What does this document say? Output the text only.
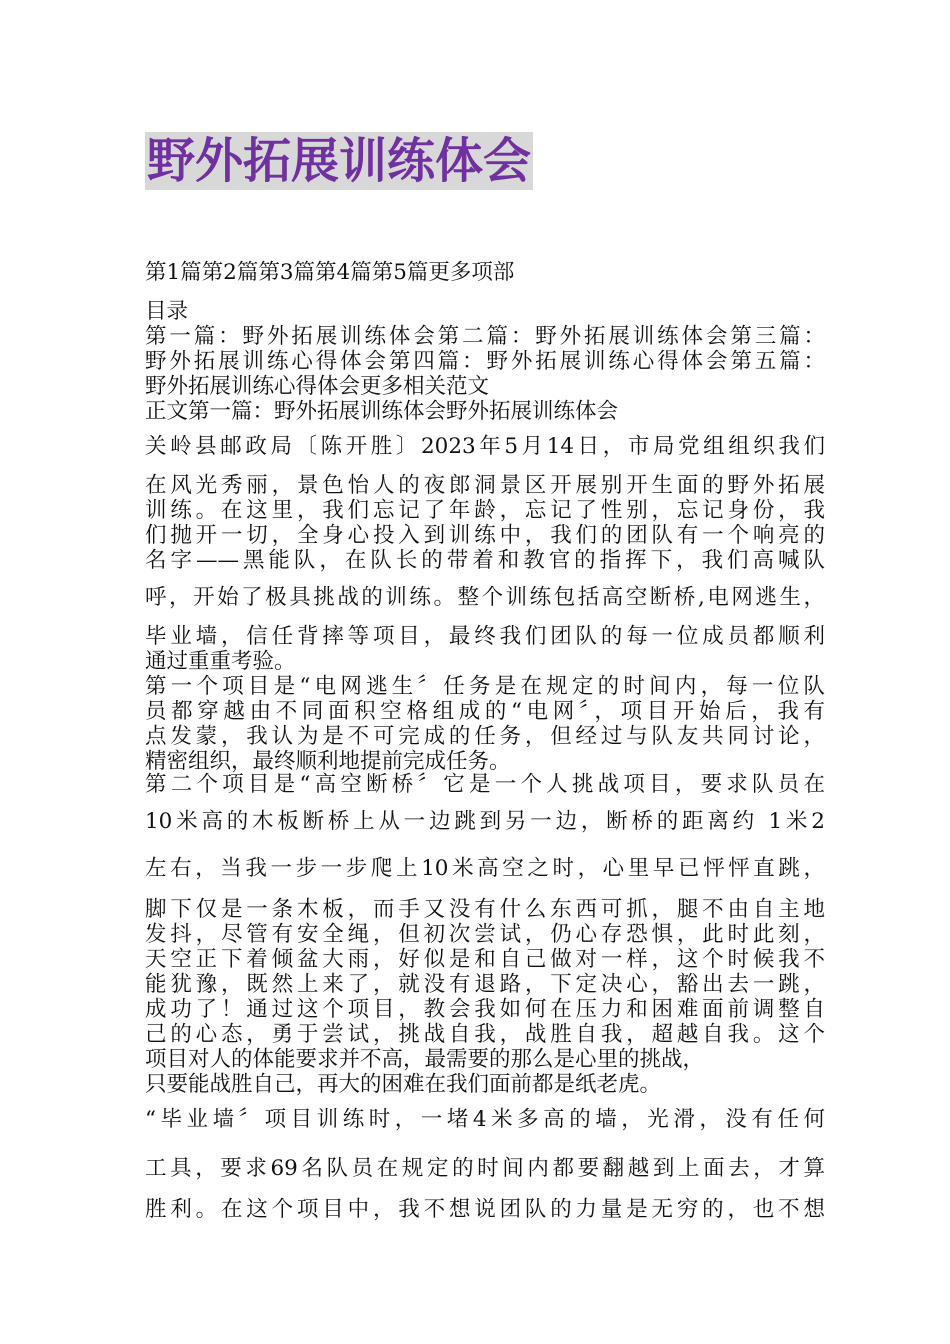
野外拓展训练体会
第1篇第2篇第3篇第4篇第5篇更多项部
目录
第一篇：野外拓展训练体会第二篇：野外拓展训练体会第三篇：
野外拓展训练心得体会第四篇：野外拓展训练心得体会第五篇：
野外拓展训练心得体会更多相关范文
正文第一篇：野外拓展训练体会野外拓展训练体会
关岭县邮政局〔陈开胜〕2023年5月14日，市局党组组织我们
在风光秀丽，景色怡人的夜郎洞景区开展别开生面的野外拓展
训练。在这里，我们忘记了年龄，忘记了性别，忘记身份，我
们抛开一切，全身心投入到训练中，我们的团队有一个响亮的
名字——黑能队，在队长的带着和教官的指挥下，我们高喊队
呼，开始了极具挑战的训练。整个训练包括高空断桥,电网逃生，
毕业墙，信任背摔等项目，最终我们团队的每一位成员都顺利
通过重重考验。
第一个项目是“电网逃生〞任务是在规定的时间内，每一位队
员都穿越由不同面积空格组成的“电网〞，项目开始后，我有
点发蒙，我认为是不可完成的任务，但经过与队友共同讨论，
精密组织，最终顺利地提前完成任务。
第二个项目是“高空断桥〞它是一个人挑战项目，要求队员在
10米高的木板断桥上从一边跳到另一边，断桥的距离约 1米2
左右，当我一步一步爬上10米高空之时，心里早已怦怦直跳，
脚下仅是一条木板，而手又没有什么东西可抓，腿不由自主地
发抖，尽管有安全绳，但初次尝试，仍心存恐惧，此时此刻，
天空正下着倾盆大雨，好似是和自己做对一样，这个时候我不
能犹豫，既然上来了，就没有退路，下定决心，豁出去一跳，
成功了！通过这个项目，教会我如何在压力和困难面前调整自
己的心态，勇于尝试，挑战自我，战胜自我，超越自我。这个
项目对人的体能要求并不高，最需要的那么是心里的挑战，
只要能战胜自己，再大的困难在我们面前都是纸老虎。
“毕业墙〞项目训练时，一堵4米多高的墙，光滑，没有任何
工具，要求69名队员在规定的时间内都要翻越到上面去，才算
胜利。在这个项目中，我不想说团队的力量是无穷的，也不想
